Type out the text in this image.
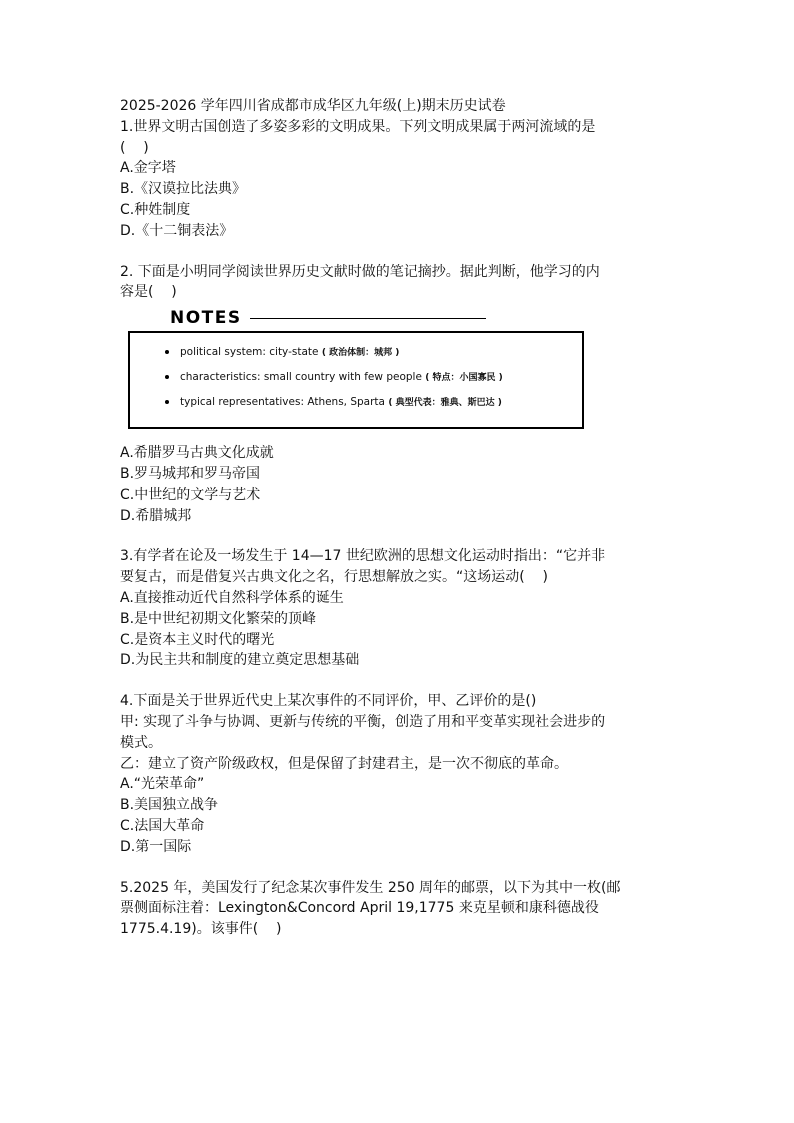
2025-2026 学年四川省成都市成华区九年级(上)期末历史试卷
1.世界文明古国创造了多姿多彩的文明成果。下列文明成果属于两河流域的是
(    )
A.金字塔
B.《汉谟拉比法典》
C.种姓制度
D.《十二铜表法》
2. 下面是小明同学阅读世界历史文献时做的笔记摘抄。据此判断，他学习的内
容是(    )
NOTES
political system: city-state ( 政治体制：城邦 )
characteristics: small country with few people ( 特点：小国寡民 )
typical representatives: Athens, Sparta ( 典型代表：雅典、斯巴达 )
A.希腊罗马古典文化成就
B.罗马城邦和罗马帝国
C.中世纪的文学与艺术
D.希腊城邦
3.有学者在论及一场发生于 14—17 世纪欧洲的思想文化运动时指出：“它并非
要复古，而是借复兴古典文化之名，行思想解放之实。“这场运动(    )
A.直接推动近代自然科学体系的诞生
B.是中世纪初期文化繁荣的顶峰
C.是资本主义时代的曙光
D.为民主共和制度的建立奠定思想基础
4.下面是关于世界近代史上某次事件的不同评价，甲、乙评价的是()
甲: 实现了斗争与协调、更新与传统的平衡，创造了用和平变革实现社会进步的
模式。
乙：建立了资产阶级政权，但是保留了封建君主，是一次不彻底的革命。
A.“光荣革命”
B.美国独立战争
C.法国大革命
D.第一国际
5.2025 年，美国发行了纪念某次事件发生 250 周年的邮票，以下为其中一枚(邮
票侧面标注着：Lexington&Concord April 19,1775 来克星顿和康科德战役
1775.4.19)。该事件(    )
